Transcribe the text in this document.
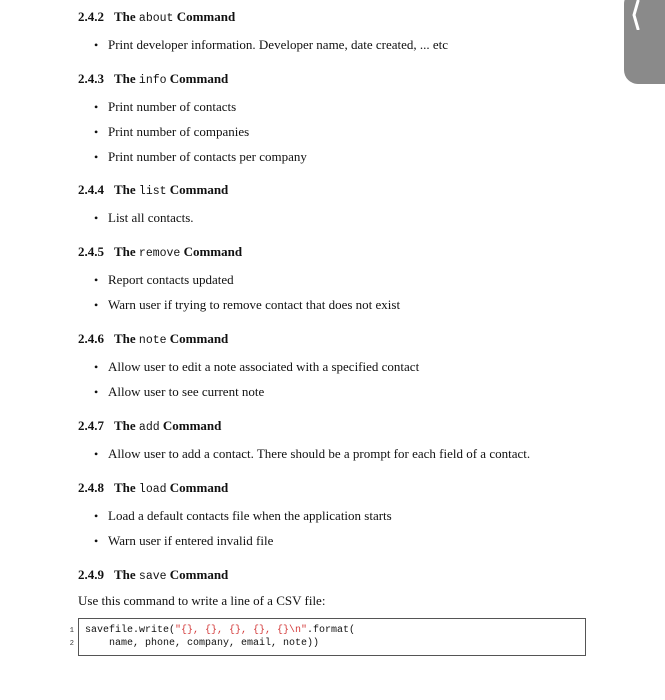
2.4.2 The about Command
• Print developer information. Developer name, date created, ... etc
2.4.3 The info Command
• Print number of contacts
• Print number of companies
• Print number of contacts per company
2.4.4 The list Command
• List all contacts.
2.4.5 The remove Command
• Report contacts updated
• Warn user if trying to remove contact that does not exist
2.4.6 The note Command
• Allow user to edit a note associated with a specified contact
• Allow user to see current note
2.4.7 The add Command
• Allow user to add a contact. There should be a prompt for each field of a contact.
2.4.8 The load Command
• Load a default contacts file when the application starts
• Warn user if entered invalid file
2.4.9 The save Command
Use this command to write a line of a CSV file:
1
2
savefile.write("{}, {}, {}, {}, {}\n".format(
name, phone, company, email, note))
